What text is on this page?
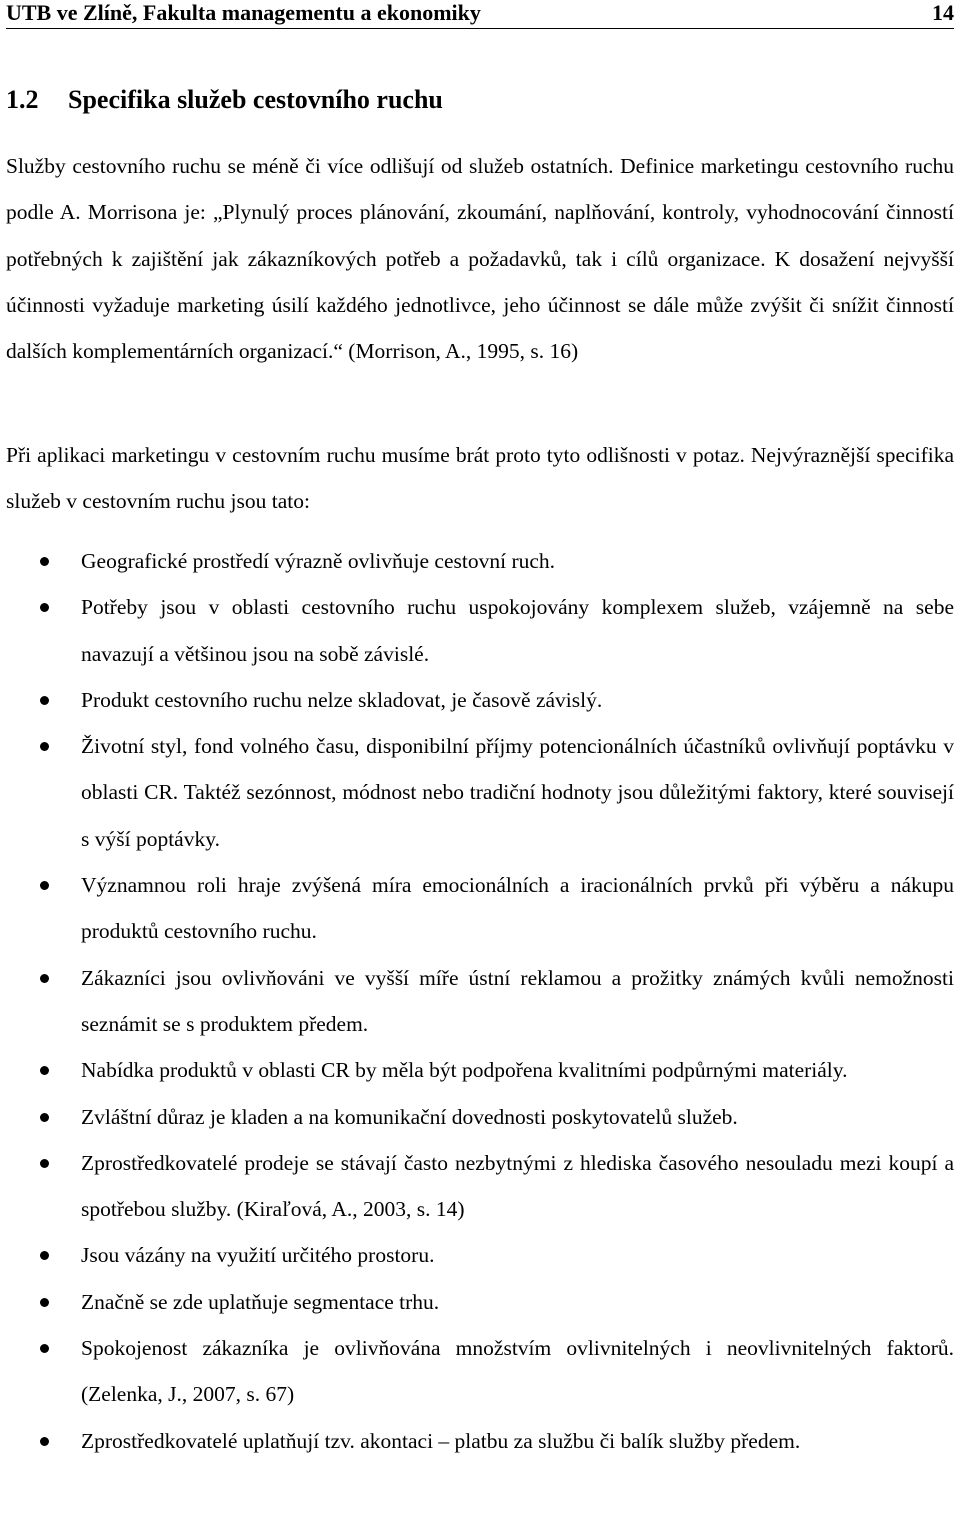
UTB ve Zlíně, Fakulta managementu a ekonomiky	14
1.2 Specifika služeb cestovního ruchu

Služby cestovního ruchu se méně či více odlišují od služeb ostatních. Definice marketingu cestovního ruchu podle A. Morrisona je: „Plynulý proces plánování, zkoumání, naplňování, kontroly, vyhodnocování činností potřebných k zajištění jak zákazníkových potřeb a požadavků, tak i cílů organizace. K dosažení nejvyšší účinnosti vyžaduje marketing úsilí každého jednotlivce, jeho účinnost se dále může zvýšit či snížit činností dalších komplementárních organizací.“ (Morrison, A., 1995, s. 16)

Při aplikaci marketingu v cestovním ruchu musíme brát proto tyto odlišnosti v potaz. Nejvýraznější specifika služeb v cestovním ruchu jsou tato:

Geografické prostředí výrazně ovlivňuje cestovní ruch.
Potřeby jsou v oblasti cestovního ruchu uspokojovány komplexem služeb, vzájemně na sebe navazují a většinou jsou na sobě závislé.
Produkt cestovního ruchu nelze skladovat, je časově závislý.
Životní styl, fond volného času, disponibilní příjmy potencionálních účastníků ovlivňují poptávku v oblasti CR. Taktéž sezónnost, módnost nebo tradiční hodnoty jsou důležitými faktory, které souvisejí s výší poptávky.
Významnou roli hraje zvýšená míra emocionálních a iracionálních prvků při výběru a nákupu produktů cestovního ruchu.
Zákazníci jsou ovlivňováni ve vyšší míře ústní reklamou a prožitky známých kvůli nemožnosti seznámit se s produktem předem.
Nabídka produktů v oblasti CR by měla být podpořena kvalitními podpůrnými materiály.
Zvláštní důraz je kladen a na komunikační dovednosti poskytovatelů služeb.
Zprostředkovatelé prodeje se stávají často nezbytnými z hlediska časového nesouladu mezi koupí a spotřebou služby. (Kiraľová, A., 2003, s. 14)
Jsou vázány na využití určitého prostoru.
Značně se zde uplatňuje segmentace trhu.
Spokojenost zákazníka je ovlivňována množstvím ovlivnitelných i neovlivnitelných faktorů. (Zelenka, J., 2007, s. 67)
Zprostředkovatelé uplatňují tzv. akontaci – platbu za službu či balík služby předem.
